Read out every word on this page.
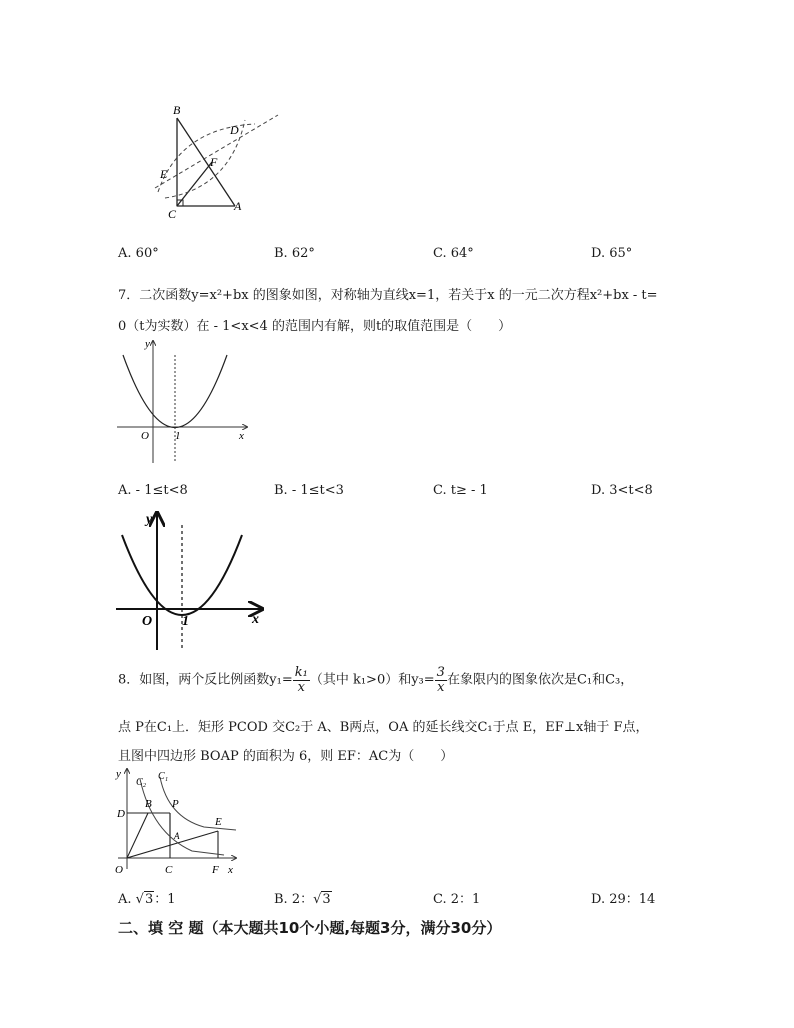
B
D
E
F
C
A
A. 60°	B. 62°	C. 64°	D. 65°
7．二次函数y=x²+bx 的图象如图，对称轴为直线x=1，若关于x 的一元二次方程x²+bx - t=
0（t为实数）在 - 1<x<4 的范围内有解，则t的取值范围是（　　）
y
O 1	x
A. - 1≤t<8	B. - 1≤t<3	C. t≥ - 1	D. 3<t<8
y
O 1	x
8．如图，两个反比例函数$y_1= \frac{\text{k₁}}{x}$ （其中 k₁>0）和$y_3= \frac{3}{x}$ 在象限内的图象依次是C₁和C₃，
点 P在C₁上．矩形 PCOD 交C₂于 A、B两点，OA 的延长线交C₁于点 E，EF⊥x轴于 F点，
且图中四边形 BOAP 的面积为 6，则 EF：AC为（　　）
y
C₂
C₁
D
B P
A
E
O	C	F x
A. √3：1	B. 2：√3	C. 2：1	D. 29：14
二、填 空 题（本大题共10个小题,每题3分，满分30分）
